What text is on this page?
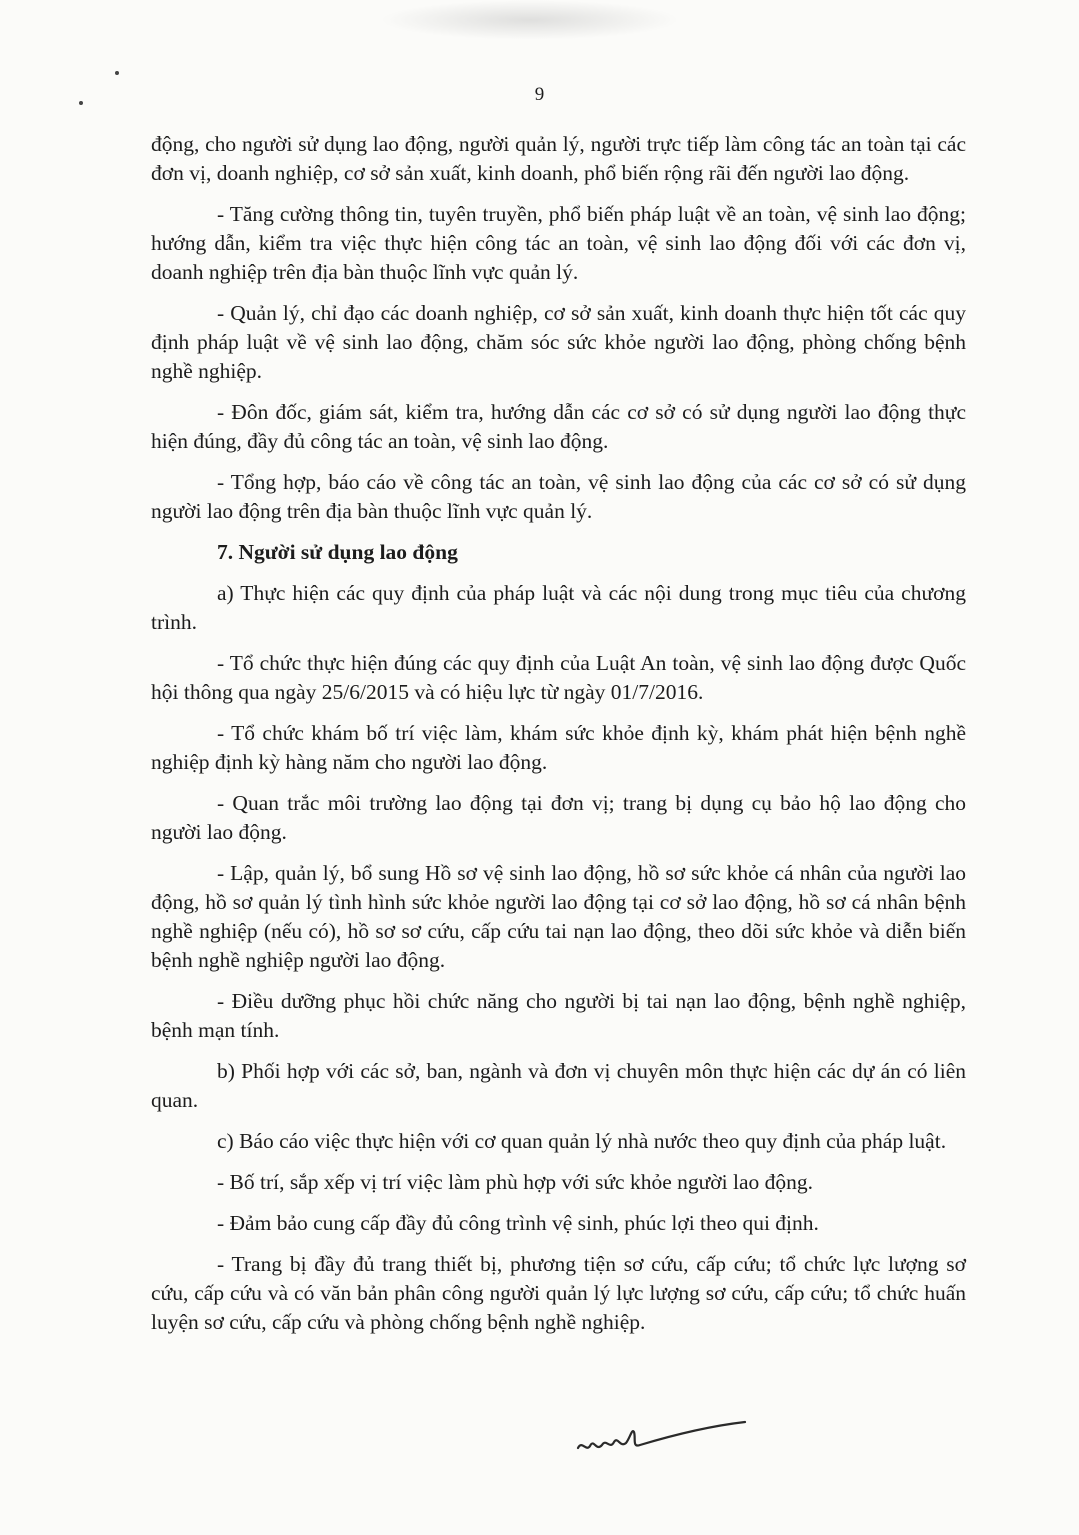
9

động, cho người sử dụng lao động, người quản lý, người trực tiếp làm công tác an toàn tại các đơn vị, doanh nghiệp, cơ sở sản xuất, kinh doanh, phổ biến rộng rãi đến người lao động.

- Tăng cường thông tin, tuyên truyền, phổ biến pháp luật về an toàn, vệ sinh lao động; hướng dẫn, kiểm tra việc thực hiện công tác an toàn, vệ sinh lao động đối với các đơn vị, doanh nghiệp trên địa bàn thuộc lĩnh vực quản lý.

- Quản lý, chỉ đạo các doanh nghiệp, cơ sở sản xuất, kinh doanh thực hiện tốt các quy định pháp luật về vệ sinh lao động, chăm sóc sức khỏe người lao động, phòng chống bệnh nghề nghiệp.

- Đôn đốc, giám sát, kiểm tra, hướng dẫn các cơ sở có sử dụng người lao động thực hiện đúng, đầy đủ công tác an toàn, vệ sinh lao động.

- Tổng hợp, báo cáo về công tác an toàn, vệ sinh lao động của các cơ sở có sử dụng người lao động trên địa bàn thuộc lĩnh vực quản lý.

7. Người sử dụng lao động

a) Thực hiện các quy định của pháp luật và các nội dung trong mục tiêu của chương trình.

- Tổ chức thực hiện đúng các quy định của Luật An toàn, vệ sinh lao động được Quốc hội thông qua ngày 25/6/2015 và có hiệu lực từ ngày 01/7/2016.

- Tổ chức khám bố trí việc làm, khám sức khỏe định kỳ, khám phát hiện bệnh nghề nghiệp định kỳ hàng năm cho người lao động.

- Quan trắc môi trường lao động tại đơn vị; trang bị dụng cụ bảo hộ lao động cho người lao động.

- Lập, quản lý, bổ sung Hồ sơ vệ sinh lao động, hồ sơ sức khỏe cá nhân của người lao động, hồ sơ quản lý tình hình sức khỏe người lao động tại cơ sở lao động, hồ sơ cá nhân bệnh nghề nghiệp (nếu có), hồ sơ sơ cứu, cấp cứu tai nạn lao động, theo dõi sức khỏe và diễn biến bệnh nghề nghiệp người lao động.

- Điều dưỡng phục hồi chức năng cho người bị tai nạn lao động, bệnh nghề nghiệp, bệnh mạn tính.

b) Phối hợp với các sở, ban, ngành và đơn vị chuyên môn thực hiện các dự án có liên quan.

c) Báo cáo việc thực hiện với cơ quan quản lý nhà nước theo quy định của pháp luật.

- Bố trí, sắp xếp vị trí việc làm phù hợp với sức khỏe người lao động.

- Đảm bảo cung cấp đầy đủ công trình vệ sinh, phúc lợi theo qui định.

- Trang bị đầy đủ trang thiết bị, phương tiện sơ cứu, cấp cứu; tổ chức lực lượng sơ cứu, cấp cứu và có văn bản phân công người quản lý lực lượng sơ cứu, cấp cứu; tổ chức huấn luyện sơ cứu, cấp cứu và phòng chống bệnh nghề nghiệp.
